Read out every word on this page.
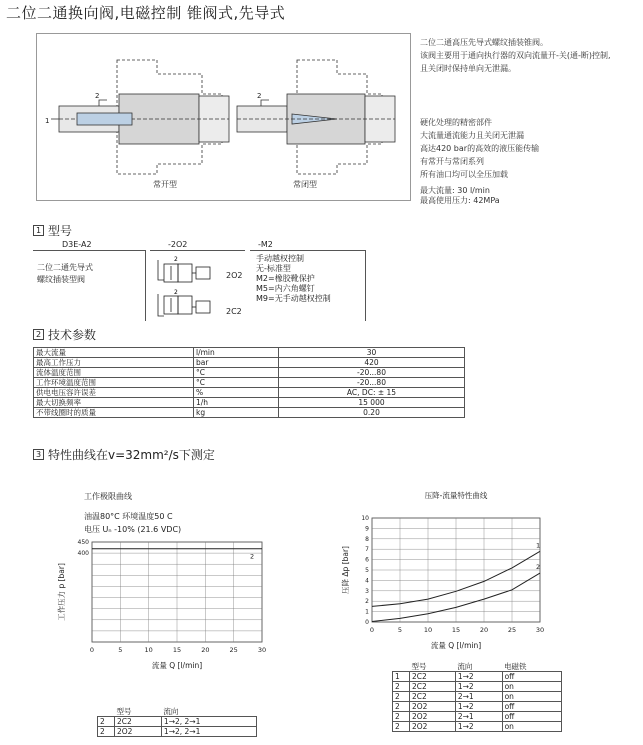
二位二通换向阀,电磁控制 锥阀式,先导式
1
2
常开型
2
常闭型
二位二通高压先导式螺纹插装锥阀。
该阀主要用于通向执行器的双向流量开-关(通-断)控制,
且关闭时保持单向无泄漏。
硬化处理的精密部件
大流量通流能力且关闭无泄漏
高达420 bar的高效的液压能传输
有常开与常闭系列
所有油口均可以全压加载
最大流量: 30 l/min
最高使用压力: 42MPa
1 型号
D3E-A2	-2O2	-M2
二位二通先导式
螺纹插装型阀
2
2
2O2
2C2
手动越权控制
无-标准型
M2=橡胶靴保护
M5=内六角螺钉
M9=无手动越权控制
2 技术参数
最大流量	l/min	30
最高工作压力	bar	420
流体温度范围	°C	-20...80
工作环境温度范围	°C	-20...80
供电电压容许误差	%	AC, DC: ± 15
最大切换频率	1/h	15 000
不带线圈时的质量	kg	0.20
3 特性曲线在v=32mm²/s下测定
工作极限曲线
油温80°C 环境温度50 C
电压 Uₙ -10% (21.6 VDC)
0	5	10	15	20	25	30
450
400	2
流量 Q [l/min]
工作压力 p [bar]
0	5	10	15	20	25	30
0
1
2
3
4
5
6
7
8
9
10
1
2
流量 Q [l/min]
压降 Δp [bar]
压降-流量特性曲线
	型号	流向
2	2C2	1→2, 2→1
2	2O2	1→2, 2→1
	型号	流向	电磁铁
1	2C2	1→2	off
2	2C2	1→2	on
2	2C2	2→1	on
2	2O2	1→2	off
2	2O2	2→1	off
2	2O2	1→2	on
